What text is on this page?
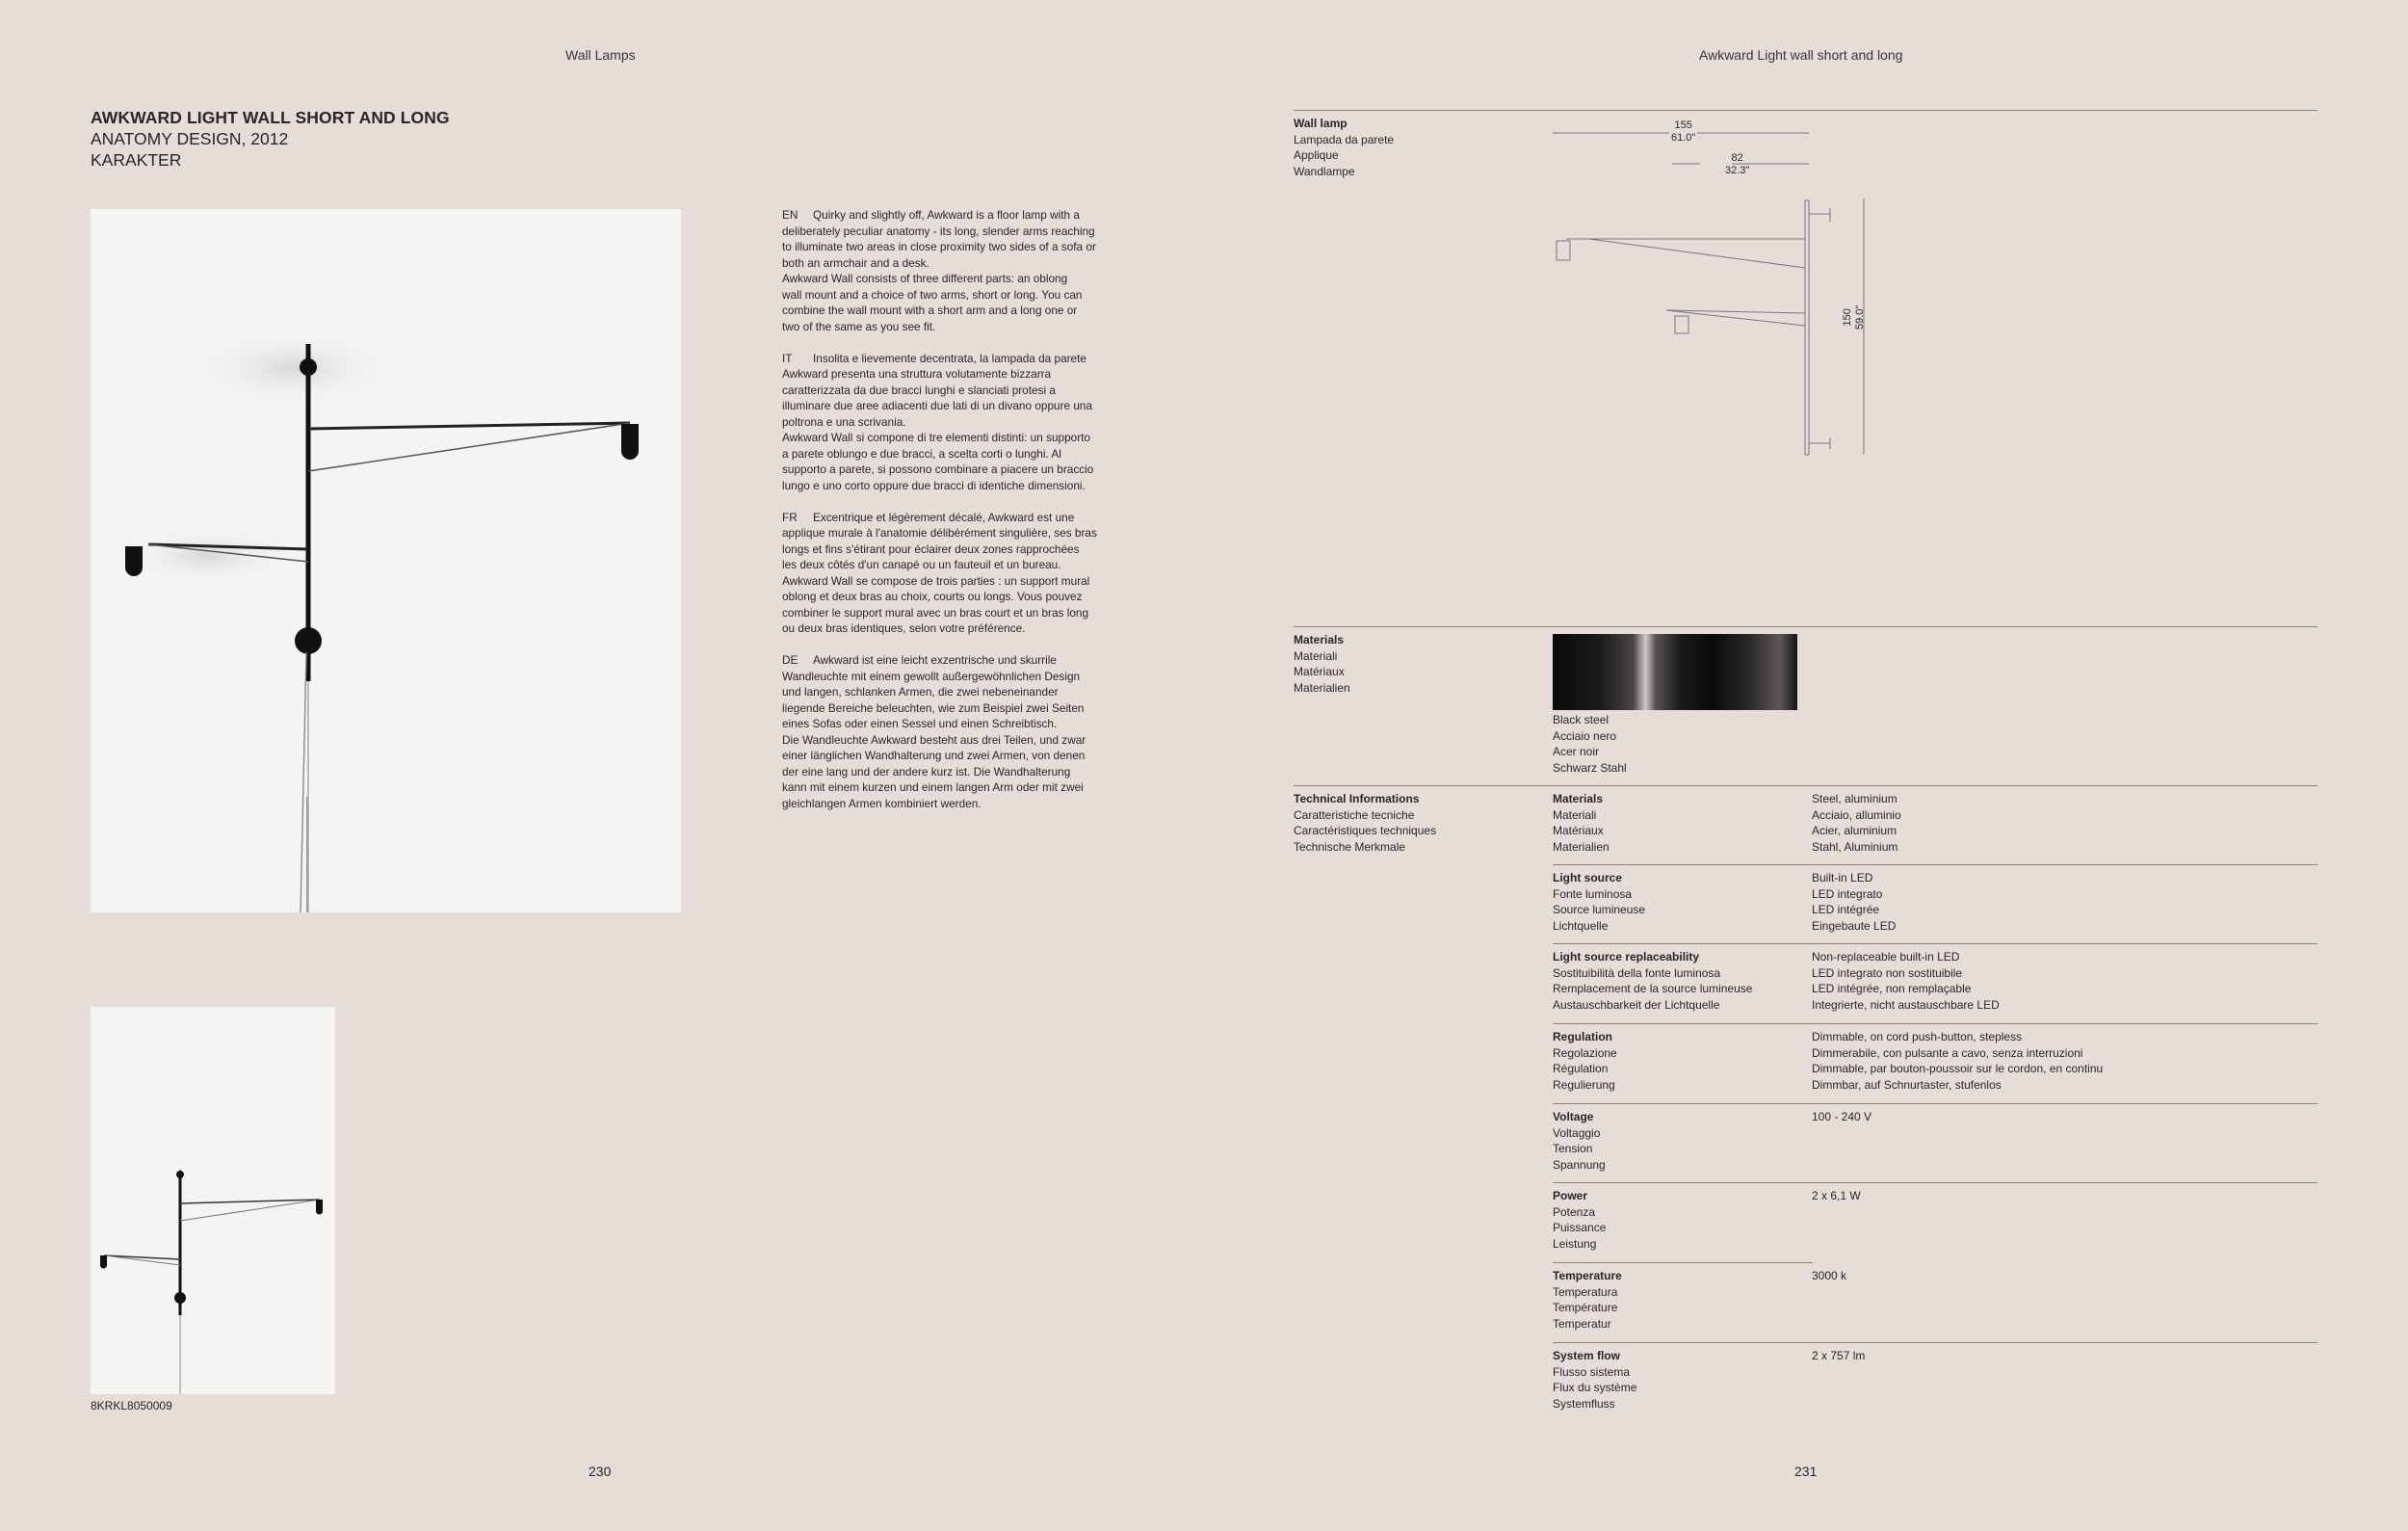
Wall Lamps
AWKWARD LIGHT WALL SHORT AND LONG
ANATOMY DESIGN, 2012
KARAKTER
8KRKL8050009

EN Quirky and slightly off, Awkward is a floor lamp with a
deliberately peculiar anatomy - its long, slender arms reaching
to illuminate two areas in close proximity two sides of a sofa or
both an armchair and a desk.
Awkward Wall consists of three different parts: an oblong
wall mount and a choice of two arms, short or long. You can
combine the wall mount with a short arm and a long one or
two of the same as you see fit.

IT Insolita e lievemente decentrata, la lampada da parete
Awkward presenta una struttura volutamente bizzarra
caratterizzata da due bracci lunghi e slanciati protesi a
illuminare due aree adiacenti due lati di un divano oppure una
poltrona e una scrivania.
Awkward Wall si compone di tre elementi distinti: un supporto
a parete oblungo e due bracci, a scelta corti o lunghi. Al
supporto a parete, si possono combinare a piacere un braccio
lungo e uno corto oppure due bracci di identiche dimensioni.

FR Excentrique et légèrement décalé, Awkward est une
applique murale à l'anatomie délibérément singulière, ses bras
longs et fins s'étirant pour éclairer deux zones rapprochées
les deux côtés d'un canapé ou un fauteuil et un bureau.
Awkward Wall se compose de trois parties : un support mural
oblong et deux bras au choix, courts ou longs. Vous pouvez
combiner le support mural avec un bras court et un bras long
ou deux bras identiques, selon votre préférence.

DE Awkward ist eine leicht exzentrische und skurrile
Wandleuchte mit einem gewollt außergewöhnlichen Design
und langen, schlanken Armen, die zwei nebeneinander
liegende Bereiche beleuchten, wie zum Beispiel zwei Seiten
eines Sofas oder einen Sessel und einen Schreibtisch.
Die Wandleuchte Awkward besteht aus drei Teilen, und zwar
einer länglichen Wandhalterung und zwei Armen, von denen
der eine lang und der andere kurz ist. Die Wandhalterung
kann mit einem kurzen und einem langen Arm oder mit zwei
gleichlangen Armen kombiniert werden.

230
Awkward Light wall short and long
Wall lamp
Lampada da parete
Applique
Wandlampe
155
61.0"
82
32.3"
150 59.0"
Materials
Materiali
Matériaux
Materialien
Black steel
Acciaio nero
Acer noir
Schwarz Stahl
Technical Informations
Caratteristiche tecniche
Caractéristiques techniques
Technische Merkmale
Materials
Materiali
Matériaux
Materialien
Steel, aluminium
Acciaio, alluminio
Acier, aluminium
Stahl, Aluminium
Light source
Fonte luminosa
Source lumineuse
Lichtquelle
Built-in LED
LED integrato
LED intégrée
Eingebaute LED
Light source replaceability
Sostituibilità della fonte luminosa
Remplacement de la source lumineuse
Austauschbarkeit der Lichtquelle
Non-replaceable built-in LED
LED integrato non sostituibile
LED intégrée, non remplaçable
Integrierte, nicht austauschbare LED
Regulation
Regolazione
Régulation
Regulierung
Dimmable, on cord push-button, stepless
Dimmerabile, con pulsante a cavo, senza interruzioni
Dimmable, par bouton-poussoir sur le cordon, en continu
Dimmbar, auf Schnurtaster, stufenlos
Voltage
Voltaggio
Tension
Spannung
100 - 240 V
Power
Potenza
Puissance
Leistung
2 x 6,1 W
Temperature
Temperatura
Température
Temperatur
3000 k
System flow
Flusso sistema
Flux du système
Systemfluss
2 x 757 lm
231
